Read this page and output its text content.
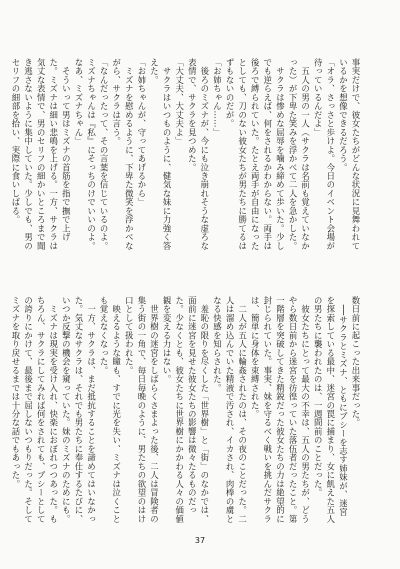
事実だけで、彼女たちがどんな状況に見舞われているかを想像できるだろう。
「オラ、さっさと歩けよ。今日のイベント会場が待っているんだよ」
　五人の男の一人（サクラは名前も覚えていなかった）が下卑た笑みを浮かべて二人を急かした。
　サクラは惨めな屈辱を噛み締めて歩いた。少しでも逆らえば、何をされるかわからない。両手は後ろで縛られていた。たとえ両手が自由になったとしても、刀のない彼女たちが男たちに勝てるはずもないのだが。
「お姉ちゃん……」
　後ろのミズナが、今にも泣き崩れそうな虚ろな表情で、サクラを見つめた。
「大丈夫、大丈夫よ」
　サクラはいつものように、健気な妹に力強く答えた。
「お姉ちゃんが、守ってあげるから」
　ミズナを慰めるように、下卑た微笑を浮かべながら、サクラは言う。
「なんだったって、その言葉を信じているのよ。ミズナちゃんは『私』にそっちのけでいいのよ。なあ、ミズナちゃん」
　そういって男はミズナの首筋を指で撫で上げた。ミズナは細い悲鳴を上げる。一方、サクラは気丈な表情で、男のセリフの細かいところまで聞き逃さないように集中していた。少しでも、男のセリフの細部を拾い、実際に食いしばる。
数日前に起こった出来事だった。
　──サクラとミズナ、ともにブシーを志す姉妹が、迷宮を探索している最中、迷宮の罠に捕まり、女に飢えた五人の男たちに襲われたのは、一週間前のことだった。
　彼女たちにとって最大の不幸は、五人の男たちが、どうやら数日前から迷宮を彷徨っていた落伍者だったこと。第一階層を突破してきた精鋭だった彼女たちの力は絶望的に封じられていた。事実、妹を守るべく戦いを挑んだサクラは、簡単に身体を束縛された。
　二人が五人に輪姦されたのは、その夜のことだった。二人は溜め込んでいた精液で汚され、イカされ、肉棒の虜となる快感を知らされた。
　羞恥の限りを尽くした「世界樹」と「街」のなかでは、面前に迷宮を見せた彼女たちの影響は微々たるものだった。少なくとも、彼女たちに世界樹にかかわる人々の価値観を変える力はない。
　世界樹の迷宮をしばらくさまよった後、二人は冒険者の集う街の一角で、毎日毎晩のように、男たちの欲望のはけ口として扱われた。
　映えるような瞳も、すでに光を失い、ミズナは泣くことも覚えなくなった。
　一方、サクラは、まだ抵抗することを諦めてはいなかった。気丈なサクラは、それでも男たちに奉仕するたびに、いつか反撃の機会を窺っていた。妹のミズナのためにも。
　ミズナは現実を受け入れ、快楽におぼれつつあった。もちろん、サクラにしてみれば何をされても、ブシーとしての誇りにかけて、最後まで屈しないつもりだった。そしてミズナを取り戻せるまでは十分な話でもあった。
37
